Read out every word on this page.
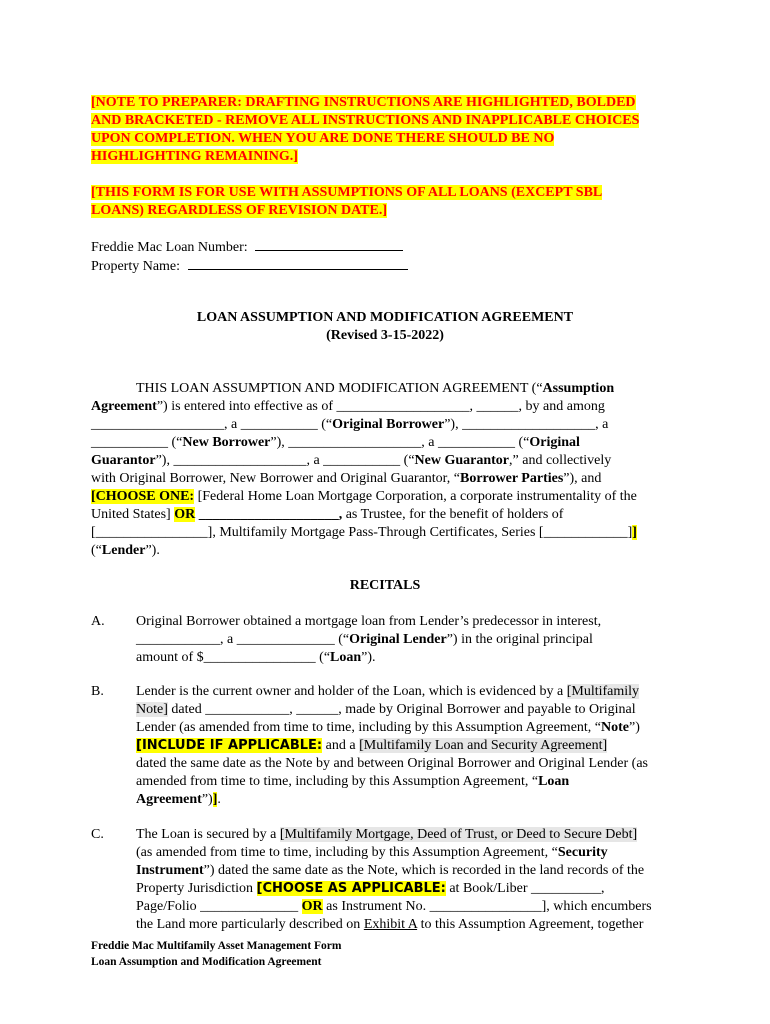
[NOTE TO PREPARER: DRAFTING INSTRUCTIONS ARE HIGHLIGHTED, BOLDED
AND BRACKETED - REMOVE ALL INSTRUCTIONS AND INAPPLICABLE CHOICES
UPON COMPLETION. WHEN YOU ARE DONE THERE SHOULD BE NO
HIGHLIGHTING REMAINING.]
[THIS FORM IS FOR USE WITH ASSUMPTIONS OF ALL LOANS (EXCEPT SBL
LOANS) REGARDLESS OF REVISION DATE.]
Freddie Mac Loan Number:
Property Name:
LOAN ASSUMPTION AND MODIFICATION AGREEMENT
(Revised 3-15-2022)
THIS LOAN ASSUMPTION AND MODIFICATION AGREEMENT (“Assumption
Agreement”) is entered into effective as of ___________________, ______, by and among
___________________, a ___________ (“Original Borrower”), ___________________, a
___________ (“New Borrower”), ___________________, a ___________ (“Original
Guarantor”), ___________________, a ___________ (“New Guarantor,” and collectively
with Original Borrower, New Borrower and Original Guarantor, “Borrower Parties”), and
[CHOOSE ONE: [Federal Home Loan Mortgage Corporation, a corporate instrumentality of the
United States] OR ____________________, as Trustee, for the benefit of holders of
[________________], Multifamily Mortgage Pass-Through Certificates, Series [____________]]
(“Lender”).
RECITALS
A. Original Borrower obtained a mortgage loan from Lender’s predecessor in interest,
____________, a ______________ (“Original Lender”) in the original principal
amount of $________________ (“Loan”).
B. Lender is the current owner and holder of the Loan, which is evidenced by a [Multifamily
Note] dated ____________, ______, made by Original Borrower and payable to Original
Lender (as amended from time to time, including by this Assumption Agreement, “Note”)
[INCLUDE IF APPLICABLE: and a [Multifamily Loan and Security Agreement]
dated the same date as the Note by and between Original Borrower and Original Lender (as
amended from time to time, including by this Assumption Agreement, “Loan
Agreement”)].
C. The Loan is secured by a [Multifamily Mortgage, Deed of Trust, or Deed to Secure Debt]
(as amended from time to time, including by this Assumption Agreement, “Security
Instrument”) dated the same date as the Note, which is recorded in the land records of the
Property Jurisdiction [CHOOSE AS APPLICABLE: at Book/Liber __________,
Page/Folio ______________ OR as Instrument No. ________________], which encumbers
the Land more particularly described on Exhibit A to this Assumption Agreement, together
Freddie Mac Multifamily Asset Management Form
Loan Assumption and Modification Agreement
